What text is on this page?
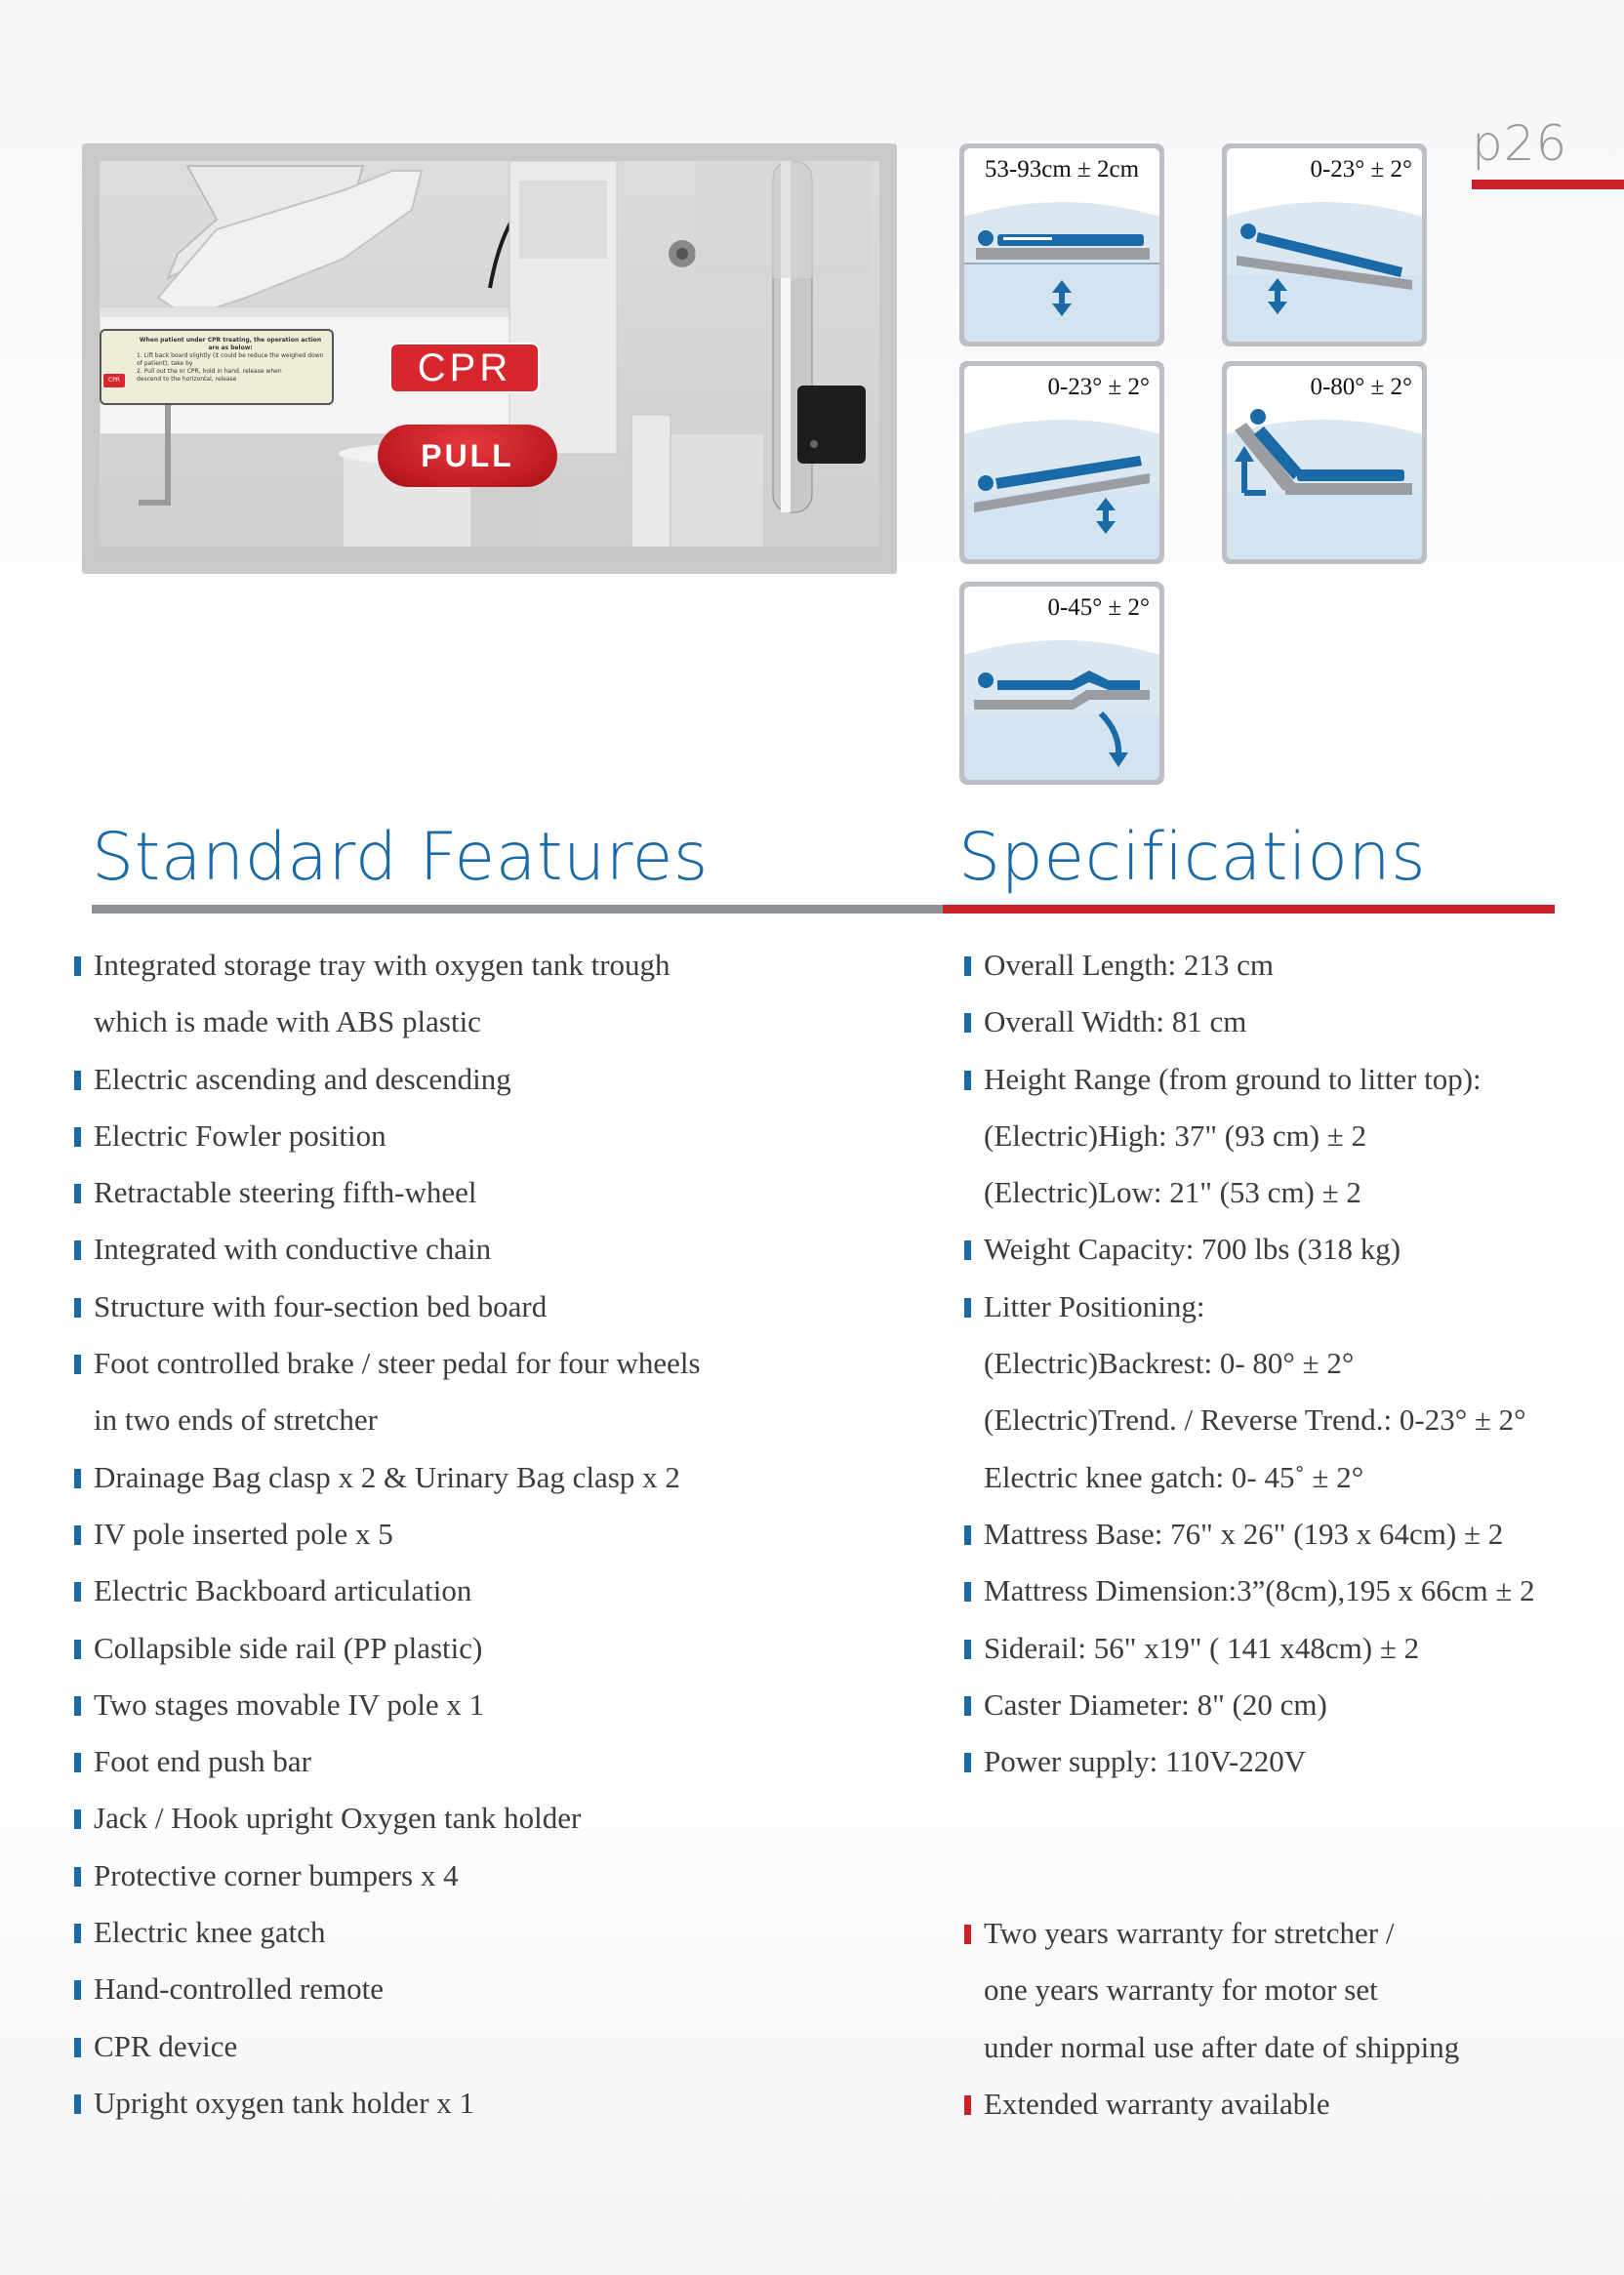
p26
When patient under CPR treating, the operation action are as below:
1. Lift back board slightly (it could be reduce the weighed down of patient), take by
2. Pull out the or CPR, hold in hand, release when
descend to the horizontal, release
CPR	CPR
PULL
53-93cm ± 2cm	0-23° ± 2°
0-23° ± 2°	0-80° ± 2°
0-45° ± 2°
Standard Features	Specifications
Integrated storage tray with oxygen tank trough
which is made with ABS plastic
Electric ascending and descending
Electric Fowler position
Retractable steering fifth-wheel
Integrated with conductive chain
Structure with four-section bed board
Foot controlled brake / steer pedal for four wheels
in two ends of stretcher
Drainage Bag clasp x 2 & Urinary Bag clasp x 2
IV pole inserted pole x 5
Electric Backboard articulation
Collapsible side rail (PP plastic)
Two stages movable IV pole x 1
Foot end push bar
Jack / Hook upright Oxygen tank holder
Protective corner bumpers x 4
Electric knee gatch
Hand-controlled remote
CPR device
Upright oxygen tank holder x 1
Overall Length: 213 cm
Overall Width: 81 cm
Height Range (from ground to litter top):
(Electric)High: 37" (93 cm) ± 2
(Electric)Low: 21" (53 cm) ± 2
Weight Capacity: 700 lbs (318 kg)
Litter Positioning:
(Electric)Backrest: 0- 80° ± 2°
(Electric)Trend. / Reverse Trend.: 0-23° ± 2°
Electric knee gatch: 0- 45˚ ± 2°
Mattress Base: 76" x 26" (193 x 64cm) ± 2
Mattress Dimension:3”(8cm),195 x 66cm ± 2
Siderail: 56" x19" ( 141 x48cm) ± 2
Caster Diameter: 8" (20 cm)
Power supply: 110V-220V
Two years warranty for stretcher /
one years warranty for motor set
under normal use after date of shipping
Extended warranty available
